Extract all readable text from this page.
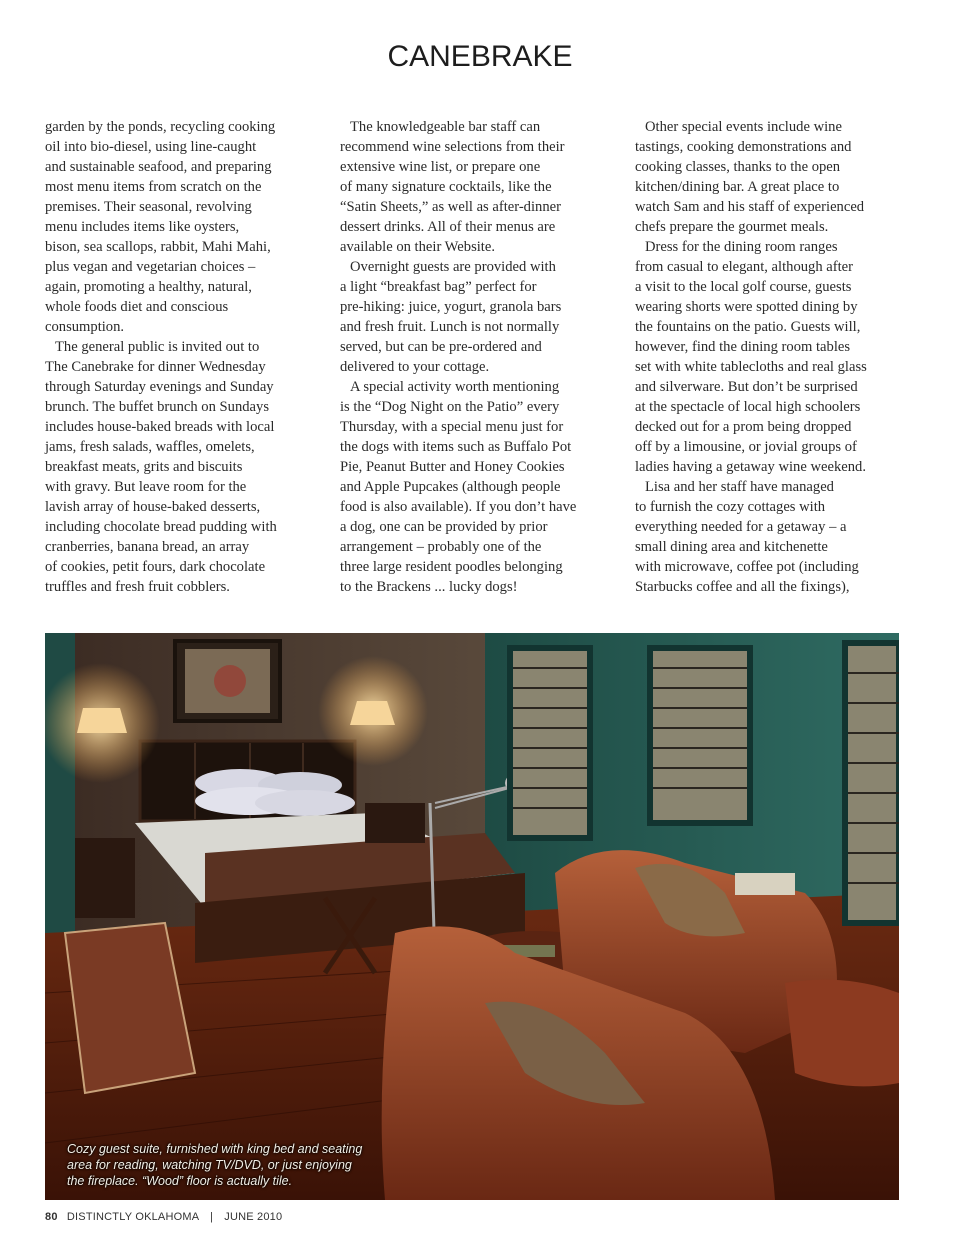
CANEBRAKE

garden by the ponds, recycling cooking

oil into bio-diesel, using line-caught

and sustainable seafood, and preparing

most menu items from scratch on the

premises. Their seasonal, revolving

menu includes items like oysters,

bison, sea scallops, rabbit, Mahi Mahi,

plus vegan and vegetarian choices –

again, promoting a healthy, natural,

whole foods diet and conscious

consumption.

The general public is invited out to

The Canebrake for dinner Wednesday

through Saturday evenings and Sunday

brunch. The buffet brunch on Sundays

includes house-baked breads with local

jams, fresh salads, waffles, omelets,

breakfast meats, grits and biscuits

with gravy. But leave room for the

lavish array of house-baked desserts,

including chocolate bread pudding with

cranberries, banana bread, an array

of cookies, petit fours, dark chocolate

truffles and fresh fruit cobblers.

The knowledgeable bar staff can

recommend wine selections from their

extensive wine list, or prepare one

of many signature cocktails, like the

“Satin Sheets,” as well as after-dinner

dessert drinks. All of their menus are

available on their Website.

Overnight guests are provided with

a light “breakfast bag” perfect for

pre-hiking: juice, yogurt, granola bars

and fresh fruit. Lunch is not normally

served, but can be pre-ordered and

delivered to your cottage.

A special activity worth mentioning

is the “Dog Night on the Patio” every

Thursday, with a special menu just for

the dogs with items such as Buffalo Pot

Pie, Peanut Butter and Honey Cookies

and Apple Pupcakes (although people

food is also available). If you don’t have

a dog, one can be provided by prior

arrangement – probably one of the

three large resident poodles belonging

to the Brackens ... lucky dogs!

Other special events include wine

tastings, cooking demonstrations and

cooking classes, thanks to the open

kitchen/dining bar. A great place to

watch Sam and his staff of experienced

chefs prepare the gourmet meals.

Dress for the dining room ranges

from casual to elegant, although after

a visit to the local golf course, guests

wearing shorts were spotted dining by

the fountains on the patio. Guests will,

however, find the dining room tables

set with white tablecloths and real glass

and silverware. But don’t be surprised

at the spectacle of local high schoolers

decked out for a prom being dropped

off by a limousine, or jovial groups of

ladies having a getaway wine weekend.

Lisa and her staff have managed

to furnish the cozy cottages with

everything needed for a getaway – a

small dining area and kitchenette

with microwave, coffee pot (including

Starbucks coffee and all the fixings),

Cozy guest suite, furnished with king bed and seating
area for reading, watching TV/DVD, or just enjoying
the fireplace. “Wood” floor is actually tile.
80 DISTINCTLY OKLAHOMA | JUNE 2010
